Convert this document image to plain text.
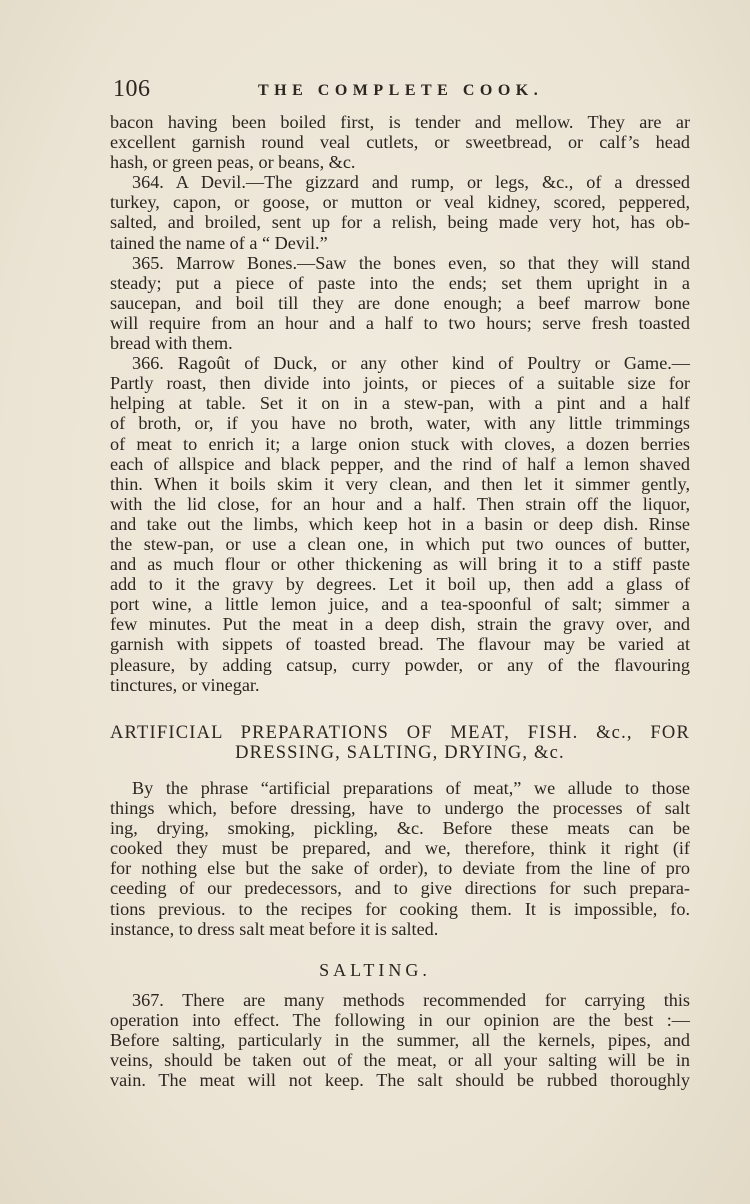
106	THE COMPLETE COOK.
bacon having been boiled first, is tender and mellow. They are ar
excellent garnish round veal cutlets, or sweetbread, or calf’s head
hash, or green peas, or beans, &c.
364. A Devil.—The gizzard and rump, or legs, &c., of a dressed
turkey, capon, or goose, or mutton or veal kidney, scored, peppered,
salted, and broiled, sent up for a relish, being made very hot, has ob-
tained the name of a “ Devil.”
365. Marrow Bones.—Saw the bones even, so that they will stand
steady; put a piece of paste into the ends; set them upright in a
saucepan, and boil till they are done enough; a beef marrow bone
will require from an hour and a half to two hours; serve fresh toasted
bread with them.
366. Ragoût of Duck, or any other kind of Poultry or Game.—
Partly roast, then divide into joints, or pieces of a suitable size for
helping at table. Set it on in a stew-pan, with a pint and a half
of broth, or, if you have no broth, water, with any little trimmings
of meat to enrich it; a large onion stuck with cloves, a dozen berries
each of allspice and black pepper, and the rind of half a lemon shaved
thin. When it boils skim it very clean, and then let it simmer gently,
with the lid close, for an hour and a half. Then strain off the liquor,
and take out the limbs, which keep hot in a basin or deep dish. Rinse
the stew-pan, or use a clean one, in which put two ounces of butter,
and as much flour or other thickening as will bring it to a stiff paste
add to it the gravy by degrees. Let it boil up, then add a glass of
port wine, a little lemon juice, and a tea-spoonful of salt; simmer a
few minutes. Put the meat in a deep dish, strain the gravy over, and
garnish with sippets of toasted bread. The flavour may be varied at
pleasure, by adding catsup, curry powder, or any of the flavouring
tinctures, or vinegar.
ARTIFICIAL PREPARATIONS OF MEAT, FISH. &c., FOR
DRESSING, SALTING, DRYING, &c.
By the phrase “artificial preparations of meat,” we allude to those
things which, before dressing, have to undergo the processes of salt
ing, drying, smoking, pickling, &c. Before these meats can be
cooked they must be prepared, and we, therefore, think it right (if
for nothing else but the sake of order), to deviate from the line of pro
ceeding of our predecessors, and to give directions for such prepara-
tions previous. to the recipes for cooking them. It is impossible, fo.
instance, to dress salt meat before it is salted.
SALTING.
367. There are many methods recommended for carrying this
operation into effect. The following in our opinion are the best :—
Before salting, particularly in the summer, all the kernels, pipes, and
veins, should be taken out of the meat, or all your salting will be in
vain. The meat will not keep. The salt should be rubbed thoroughly
